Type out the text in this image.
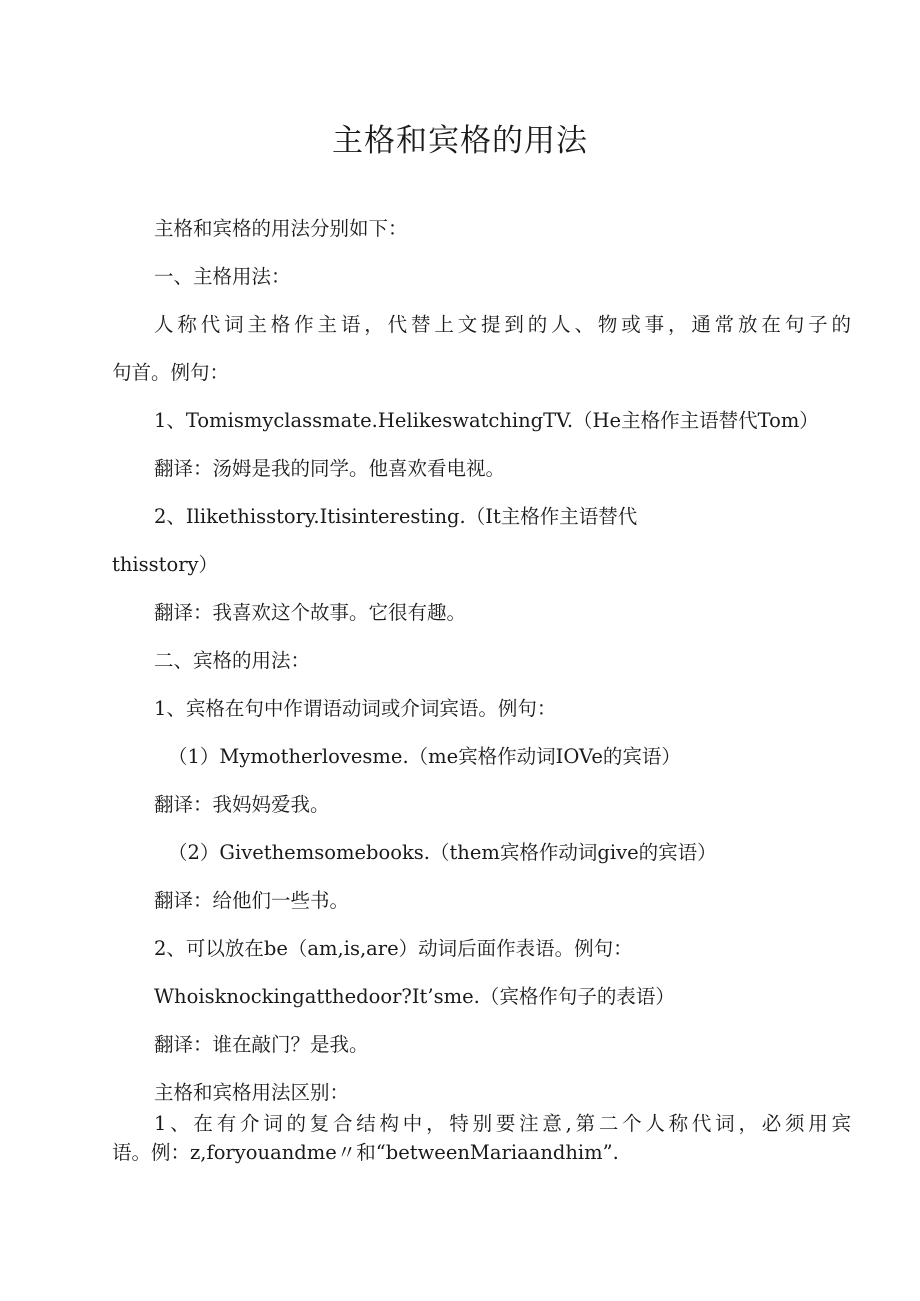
主格和宾格的用法

主格和宾格的用法分别如下：

一、主格用法：

人称代词主格作主语，代替上文提到的人、物或事，通常放在句子的

句首。例句：

1、Tomismyclassmate.HelikeswatchingTV.（He主格作主语替代Tom）

翻译：汤姆是我的同学。他喜欢看电视。

2、Ilikethisstory.Itisinteresting.（It主格作主语替代

thisstory）

翻译：我喜欢这个故事。它很有趣。

二、宾格的用法：

1、宾格在句中作谓语动词或介词宾语。例句：

（1）Mymotherlovesme.（me宾格作动词IOVe的宾语）

翻译：我妈妈爱我。

（2）Givethemsomebooks.（them宾格作动词give的宾语）

翻译：给他们一些书。

2、可以放在be（am,is,are）动词后面作表语。例句：

Whoisknockingatthedoor?It’sme.（宾格作句子的表语）

翻译：谁在敲门？是我。

主格和宾格用法区别：

1、在有介词的复合结构中，特别要注意,第二个人称代词，必须用宾

语。例：z,foryouandme〃和“betweenMariaandhim”.
